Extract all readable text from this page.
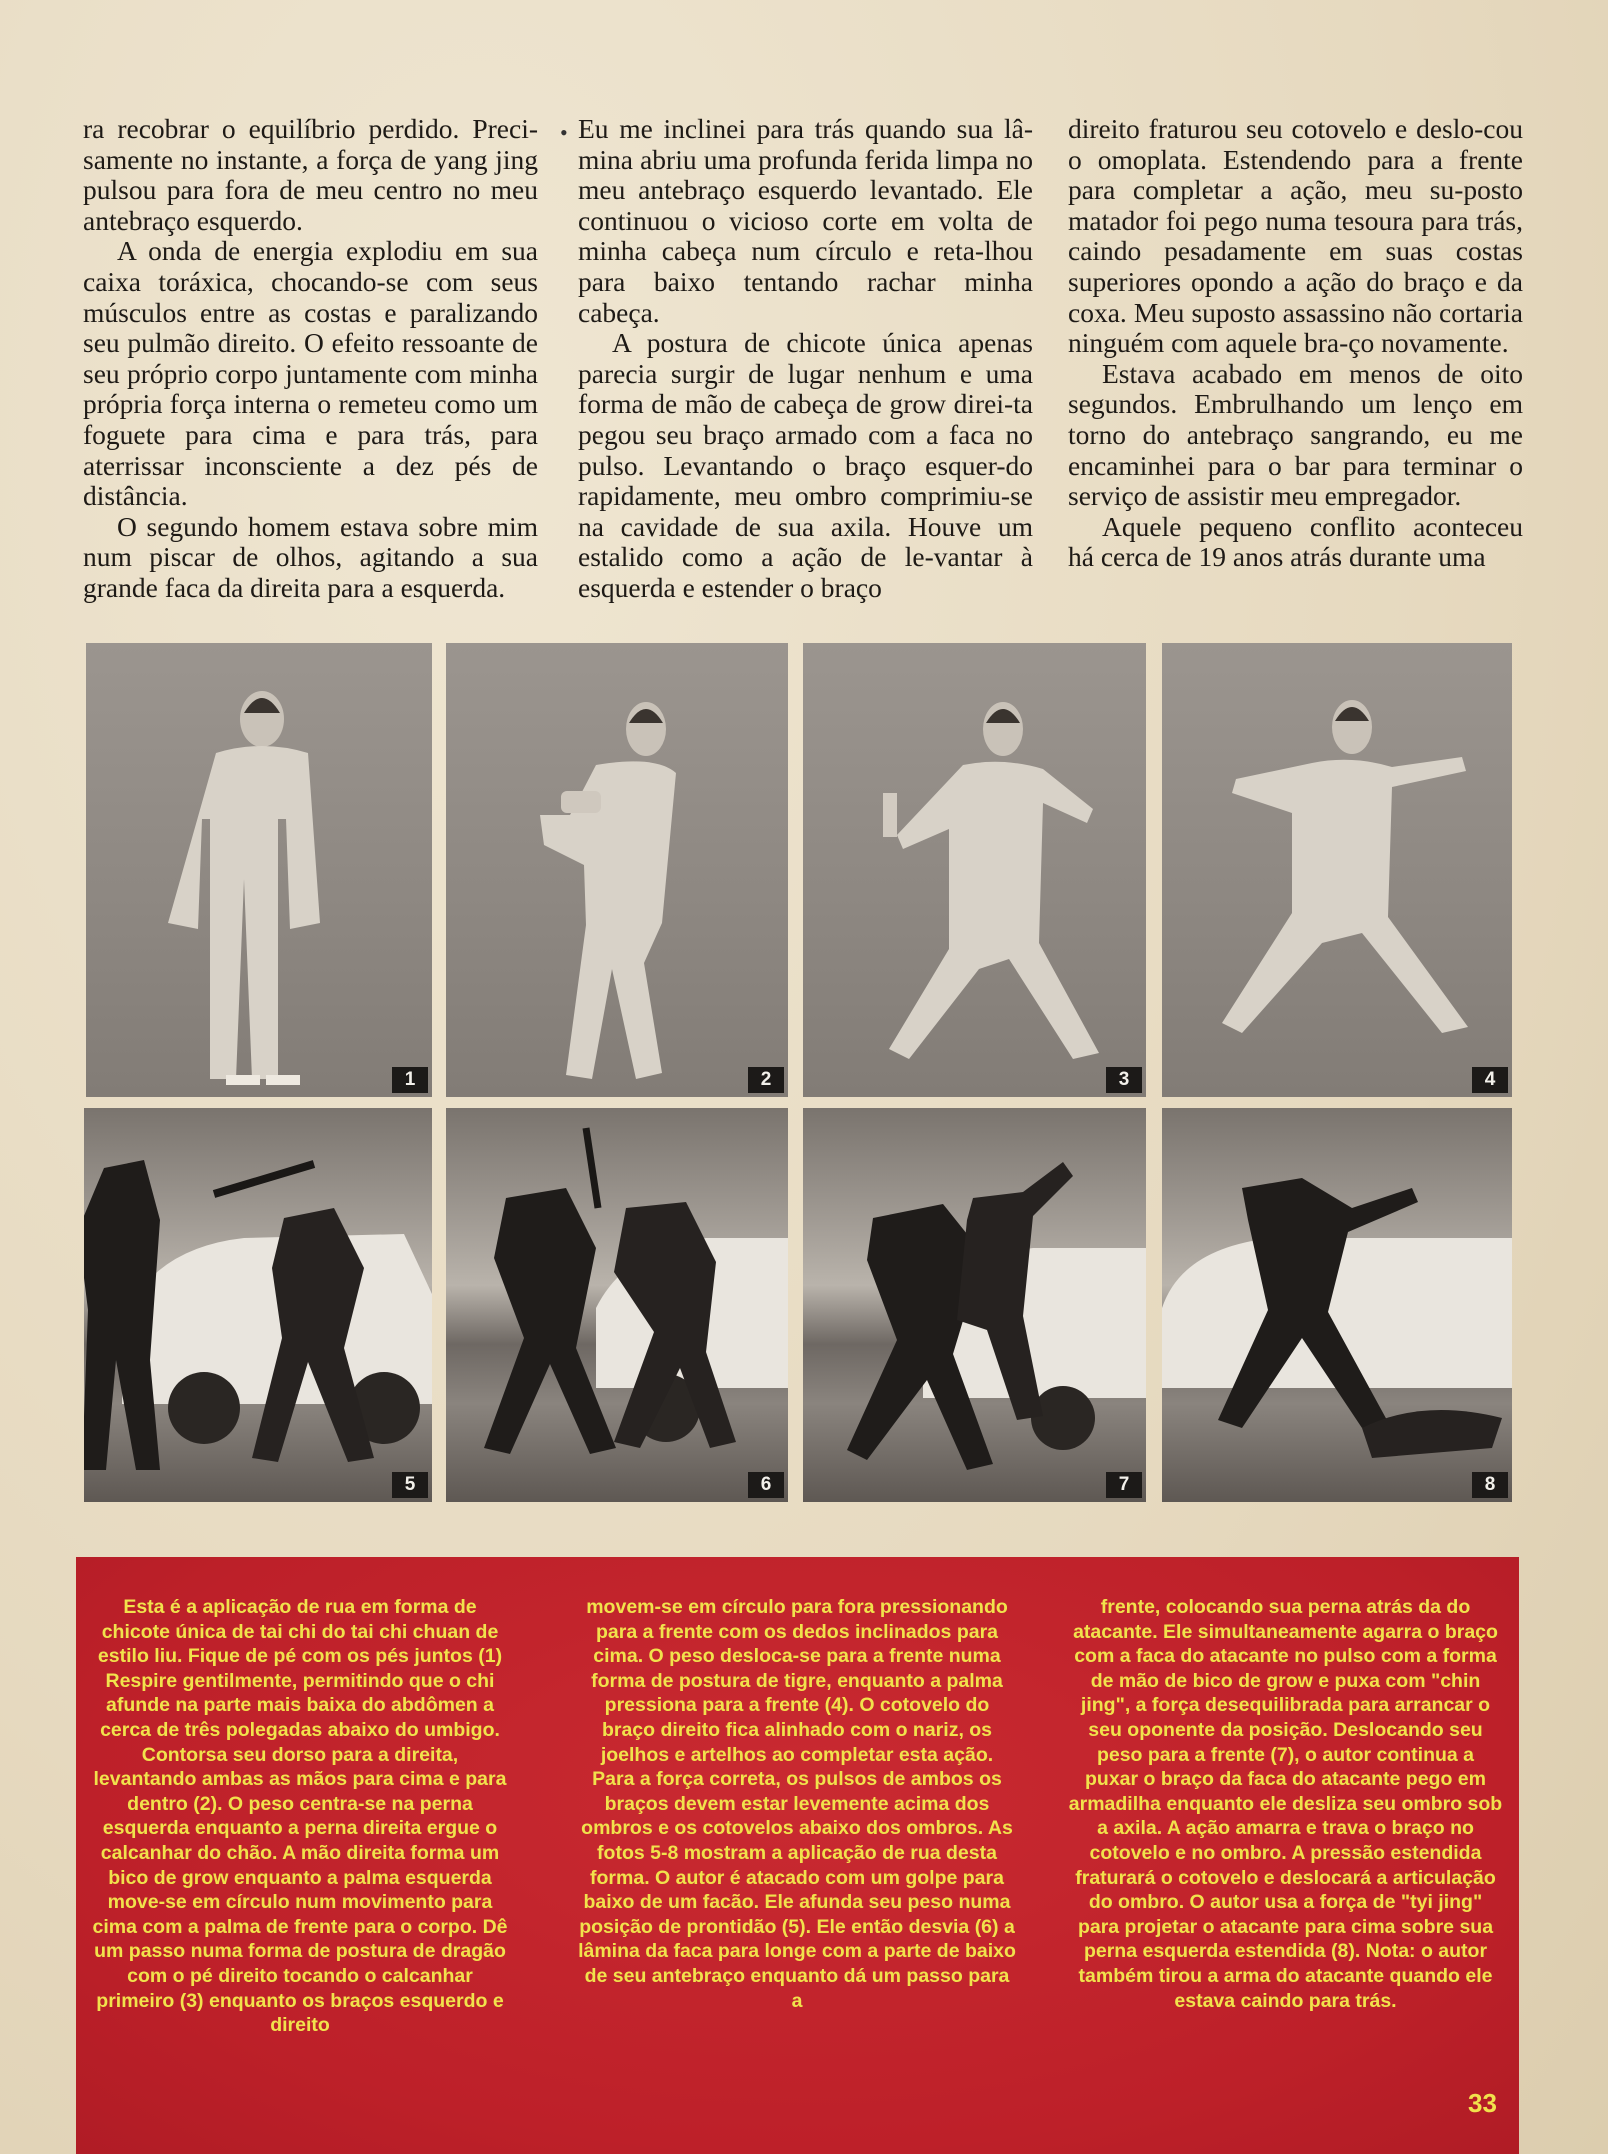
ra recobrar o equilíbrio perdido. Preci-samente no instante, a força de yang jing pulsou para fora de meu centro no meu antebraço esquerdo.

A onda de energia explodiu em sua caixa toráxica, chocando-se com seus músculos entre as costas e paralizando seu pulmão direito. O efeito ressoante de seu próprio corpo juntamente com minha própria força interna o remeteu como um foguete para cima e para trás, para aterrissar inconsciente a dez pés de distância.

O segundo homem estava sobre mim num piscar de olhos, agitando a sua grande faca da direita para a esquerda.

• Eu me inclinei para trás quando sua lâ-mina abriu uma profunda ferida limpa no meu antebraço esquerdo levantado. Ele continuou o vicioso corte em volta de minha cabeça num círculo e reta-lhou para baixo tentando rachar minha cabeça.

A postura de chicote única apenas parecia surgir de lugar nenhum e uma forma de mão de cabeça de grow direi-ta pegou seu braço armado com a faca no pulso. Levantando o braço esquer-do rapidamente, meu ombro comprimiu-se na cavidade de sua axila. Houve um estalido como a ação de le-vantar à esquerda e estender o braço

direito fraturou seu cotovelo e deslo-cou o omoplata. Estendendo para a frente para completar a ação, meu su-posto matador foi pego numa tesoura para trás, caindo pesadamente em suas costas superiores opondo a ação do braço e da coxa. Meu suposto assassino não cortaria ninguém com aquele bra-ço novamente.

Estava acabado em menos de oito segundos. Embrulhando um lenço em torno do antebraço sangrando, eu me encaminhei para o bar para terminar o serviço de assistir meu empregador.

Aquele pequeno conflito aconteceu há cerca de 19 anos atrás durante uma

1	2	3	4
5	6	7	8
Esta é a aplicação de rua em forma de chicote única de tai chi do tai chi chuan de estilo liu. Fique de pé com os pés juntos (1) Respire gentilmente, permitindo que o chi afunde na parte mais baixa do abdômen a cerca de três polegadas abaixo do umbigo. Contorsa seu dorso para a direita, levantando ambas as mãos para cima e para dentro (2). O peso centra-se na perna esquerda enquanto a perna direita ergue o calcanhar do chão. A mão direita forma um bico de grow enquanto a palma esquerda move-se em círculo num movimento para cima com a palma de frente para o corpo. Dê um passo numa forma de postura de dragão com o pé direito tocando o calcanhar primeiro (3) enquanto os braços esquerdo e direito
movem-se em círculo para fora pressionando para a frente com os dedos inclinados para cima. O peso desloca-se para a frente numa forma de postura de tigre, enquanto a palma pressiona para a frente (4). O cotovelo do braço direito fica alinhado com o nariz, os joelhos e artelhos ao completar esta ação. Para a força correta, os pulsos de ambos os braços devem estar levemente acima dos ombros e os cotovelos abaixo dos ombros. As fotos 5-8 mostram a aplicação de rua desta forma. O autor é atacado com um golpe para baixo de um facão. Ele afunda seu peso numa posição de prontidão (5). Ele então desvia (6) a lâmina da faca para longe com a parte de baixo de seu antebraço enquanto dá um passo para a
frente, colocando sua perna atrás da do atacante. Ele simultaneamente agarra o braço com a faca do atacante no pulso com a forma de mão de bico de grow e puxa com "chin jing", a força desequilibrada para arrancar o seu oponente da posição. Deslocando seu peso para a frente (7), o autor continua a puxar o braço da faca do atacante pego em armadilha enquanto ele desliza seu ombro sob a axila. A ação amarra e trava o braço no cotovelo e no ombro. A pressão estendida fraturará o cotovelo e deslocará a articulação do ombro. O autor usa a força de "tyi jing" para projetar o atacante para cima sobre sua perna esquerda estendida (8). Nota: o autor também tirou a arma do atacante quando ele estava caindo para trás.
33
